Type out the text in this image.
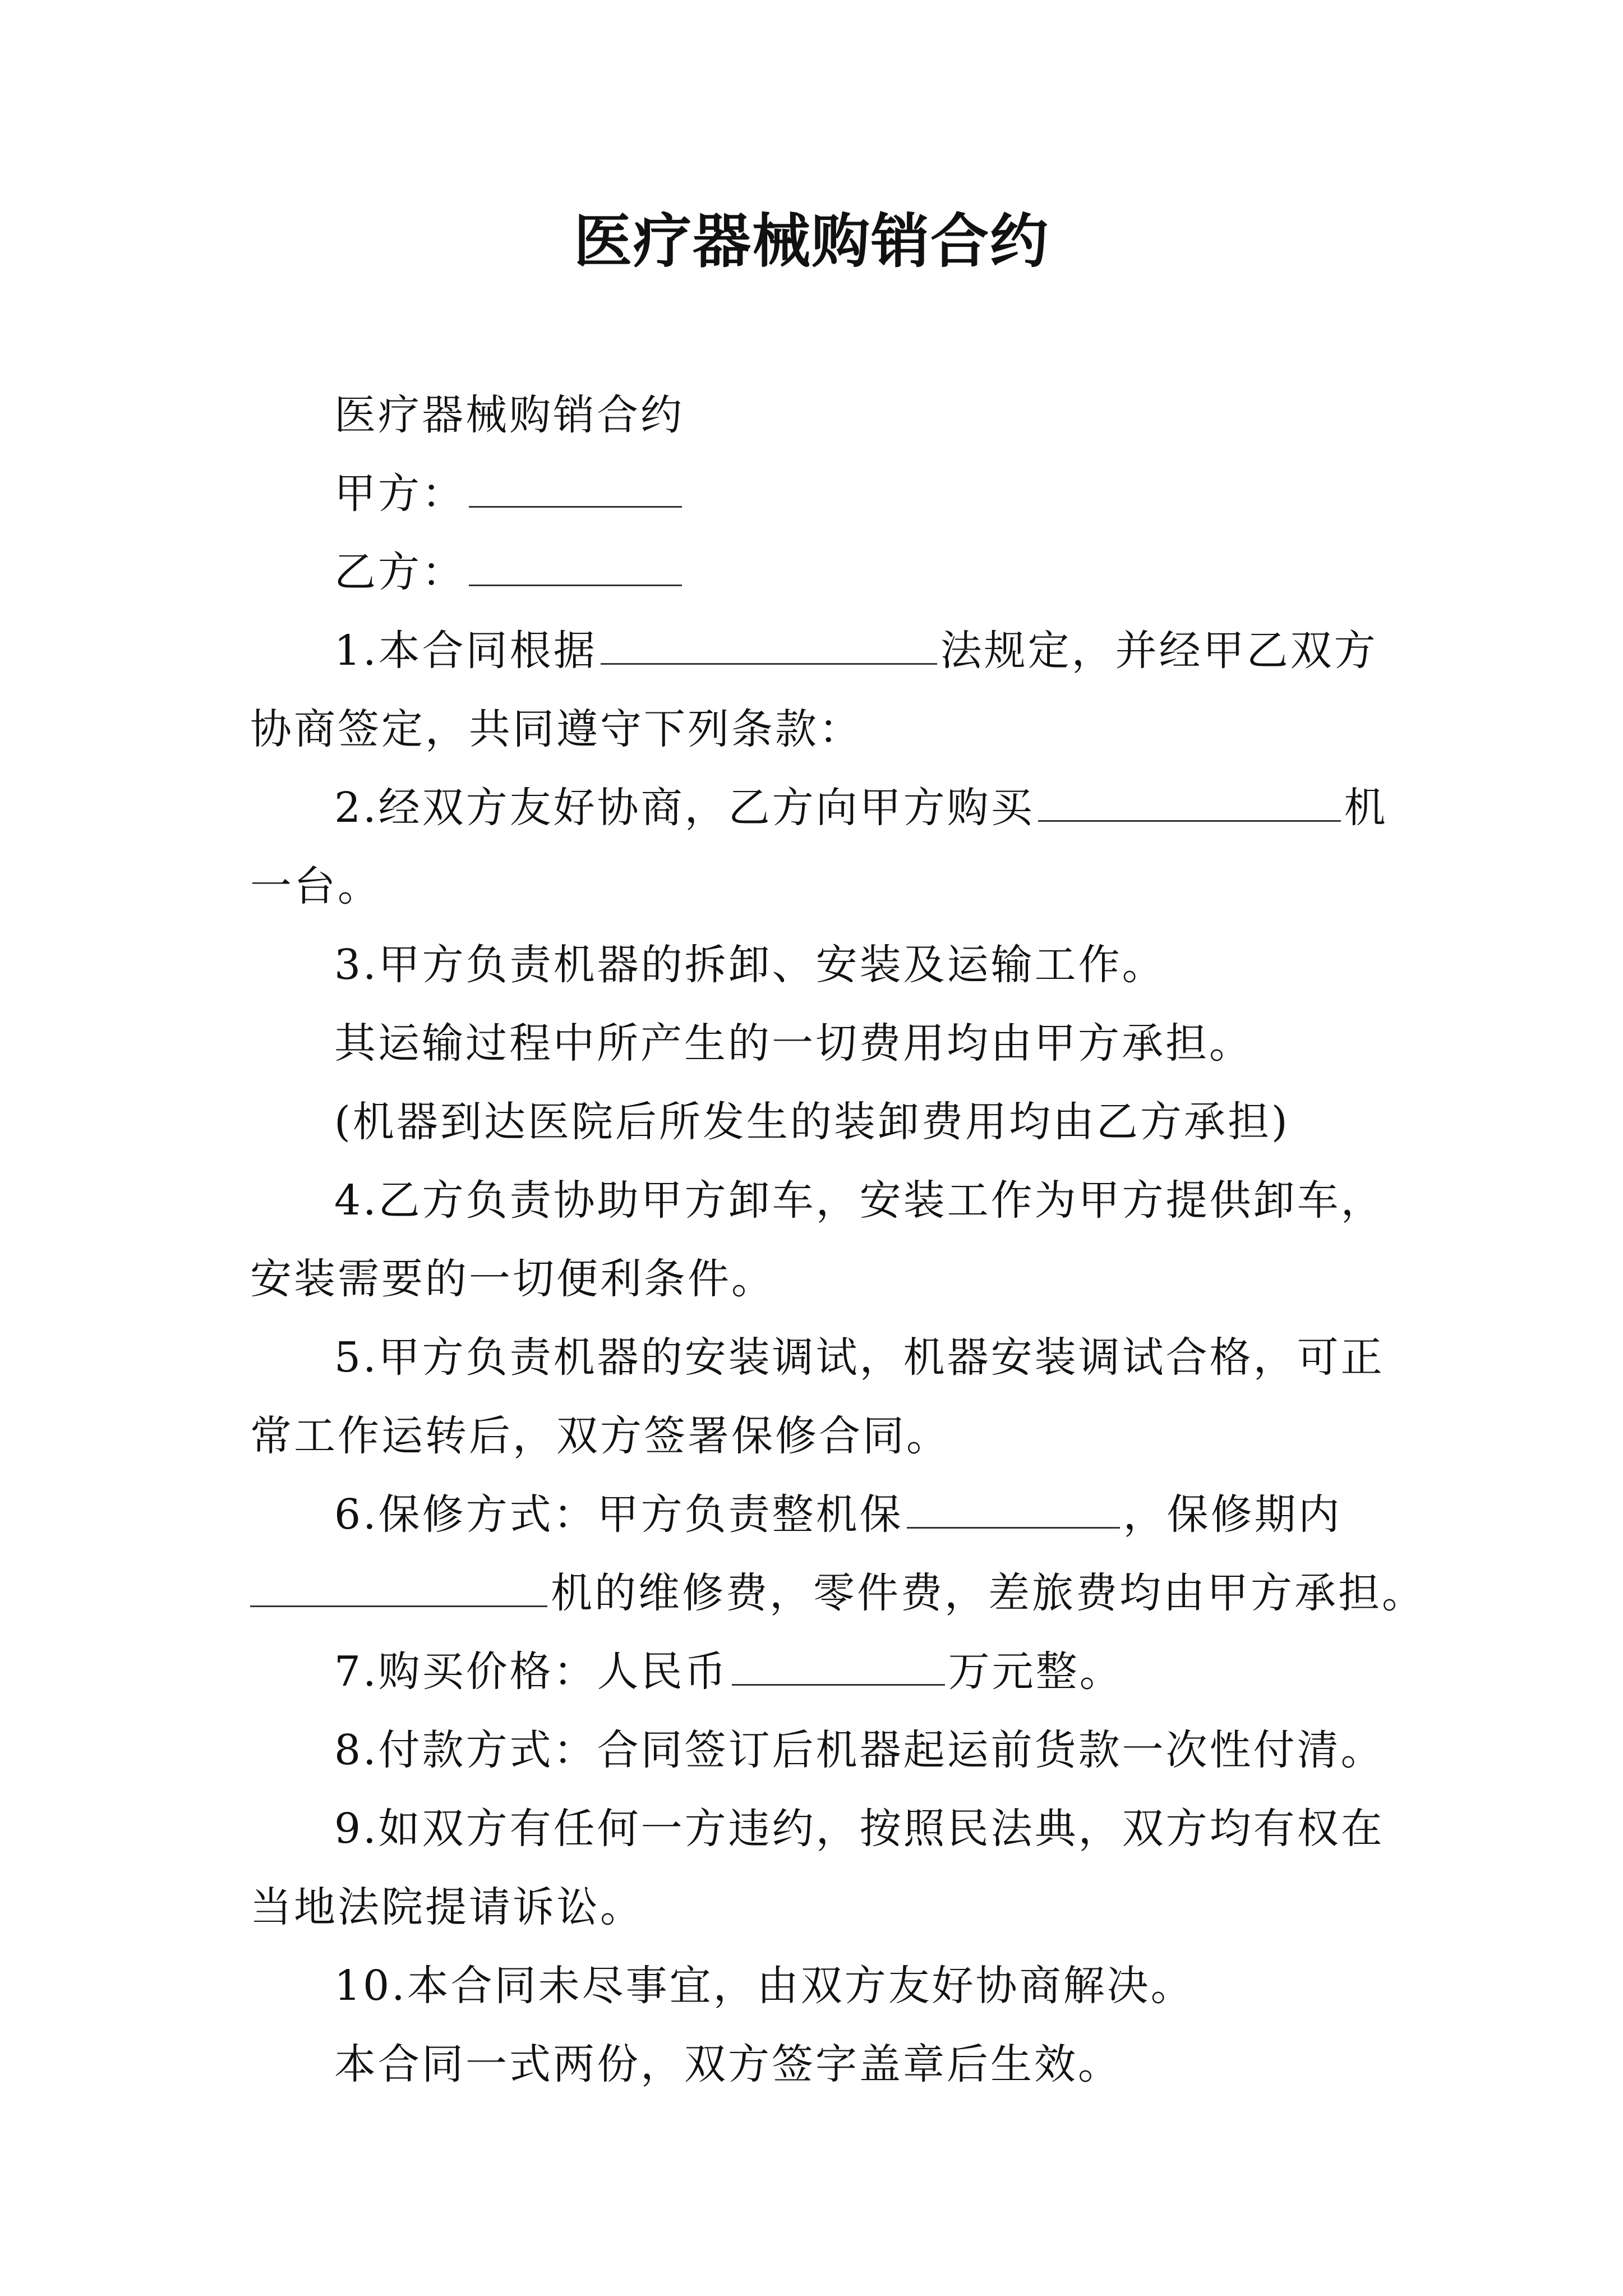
医疗器械购销合约
医疗器械购销合约
甲方：
乙方：
1.本合同根据	法规定，并经甲乙双方
协商签定，共同遵守下列条款：
2.经双方友好协商，乙方向甲方购买	机
一台。
3.甲方负责机器的拆卸、安装及运输工作。
其运输过程中所产生的一切费用均由甲方承担。
(机器到达医院后所发生的装卸费用均由乙方承担)
4.乙方负责协助甲方卸车，安装工作为甲方提供卸车，
安装需要的一切便利条件。
5.甲方负责机器的安装调试，机器安装调试合格，可正
常工作运转后，双方签署保修合同。
6.保修方式：甲方负责整机保	，保修期内
机的维修费，零件费，差旅费均由甲方承担。
7.购买价格：人民币	万元整。
8.付款方式：合同签订后机器起运前货款一次性付清。
9.如双方有任何一方违约，按照民法典，双方均有权在
当地法院提请诉讼。
10.本合同未尽事宜，由双方友好协商解决。
本合同一式两份，双方签字盖章后生效。
